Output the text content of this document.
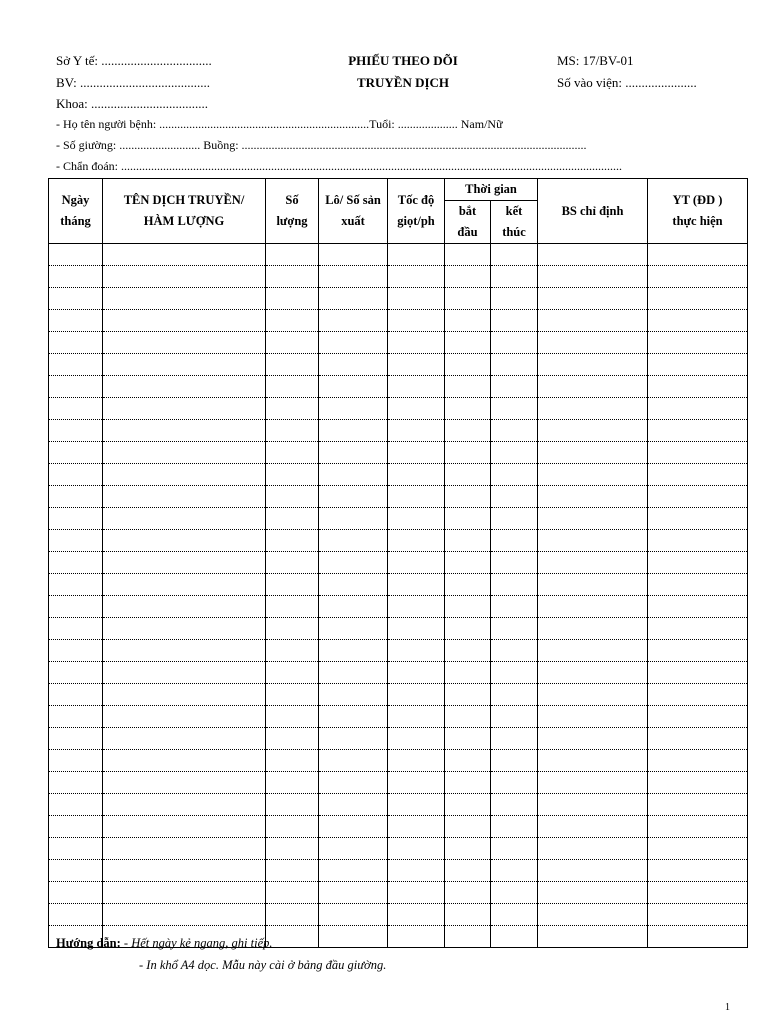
Sở Y tế: ..................................
BV: ........................................
Khoa: ....................................
PHIẾU THEO DÕI
TRUYỀN DỊCH
MS: 17/BV-01
Số vào viện: ......................
- Họ tên người bệnh: ......................................................................Tuổi: .................... Nam/Nữ
- Số giường: ........................... Buồng: ...................................................................................................................
- Chẩn đoán: .......................................................................................................................................................................
Ngày tháng	TÊN DỊCH TRUYỀN/ HÀM LƯỢNG	Số lượng	Lô/ Số sản xuất	Tốc độ giọt/ph	Thời gian		BS chỉ định	YT (ĐD ) thực hiện
					bắt đầu	kết thúc		

Hướng dẫn: - Hết ngày kẻ ngang, ghi tiếp.
- In khổ A4 dọc. Mẫu này cài ở bảng đầu giường.
1
